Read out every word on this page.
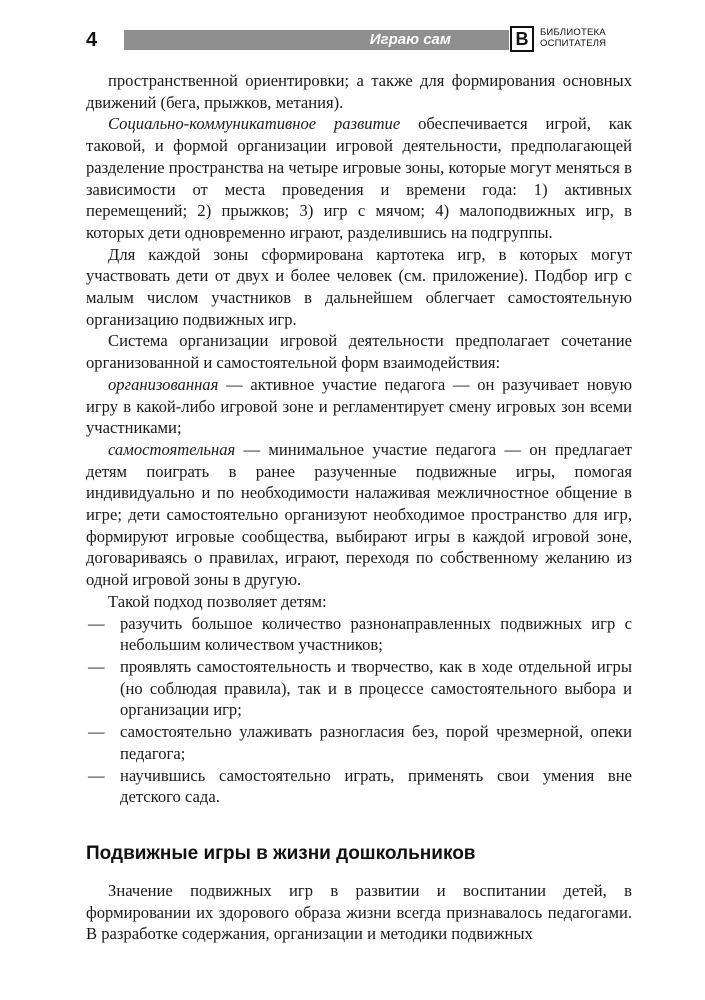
4	Играю сам	В	БИБЛИОТЕКА
ОСПИТАТЕЛЯ

пространственной ориентировки; а также для формирования основных движений (бега, прыжков, метания).

Социально-коммуникативное развитие обеспечивается игрой, как таковой, и формой организации игровой деятельности, предполагающей разделение пространства на четыре игровые зоны, которые могут меняться в зависимости от места проведения и времени года: 1) активных перемещений; 2) прыжков; 3) игр с мячом; 4) малоподвижных игр, в которых дети одновременно играют, разделившись на подгруппы.

Для каждой зоны сформирована картотека игр, в которых могут участвовать дети от двух и более человек (см. приложение). Подбор игр с малым числом участников в дальнейшем облегчает самостоятельную организацию подвижных игр.

Система организации игровой деятельности предполагает сочетание организованной и самостоятельной форм взаимодействия:

организованная — активное участие педагога — он разучивает новую игру в какой-либо игровой зоне и регламентирует смену игровых зон всеми участниками;

самостоятельная — минимальное участие педагога — он предлагает детям поиграть в ранее разученные подвижные игры, помогая индивидуально и по необходимости налаживая межличностное общение в игре; дети самостоятельно организуют необходимое пространство для игр, формируют игровые сообщества, выбирают игры в каждой игровой зоне, договариваясь о правилах, играют, переходя по собственному желанию из одной игровой зоны в другую.

Такой подход позволяет детям:

— разучить большое количество разнонаправленных подвижных игр с небольшим количеством участников;
— проявлять самостоятельность и творчество, как в ходе отдельной игры (но соблюдая правила), так и в процессе самостоятельного выбора и организации игр;
— самостоятельно улаживать разногласия без, порой чрезмерной, опеки педагога;
— научившись самостоятельно играть, применять свои умения вне детского сада.
Подвижные игры в жизни дошкольников

Значение подвижных игр в развитии и воспитании детей, в формировании их здорового образа жизни всегда признавалось педагогами. В разработке содержания, организации и методики подвижных
